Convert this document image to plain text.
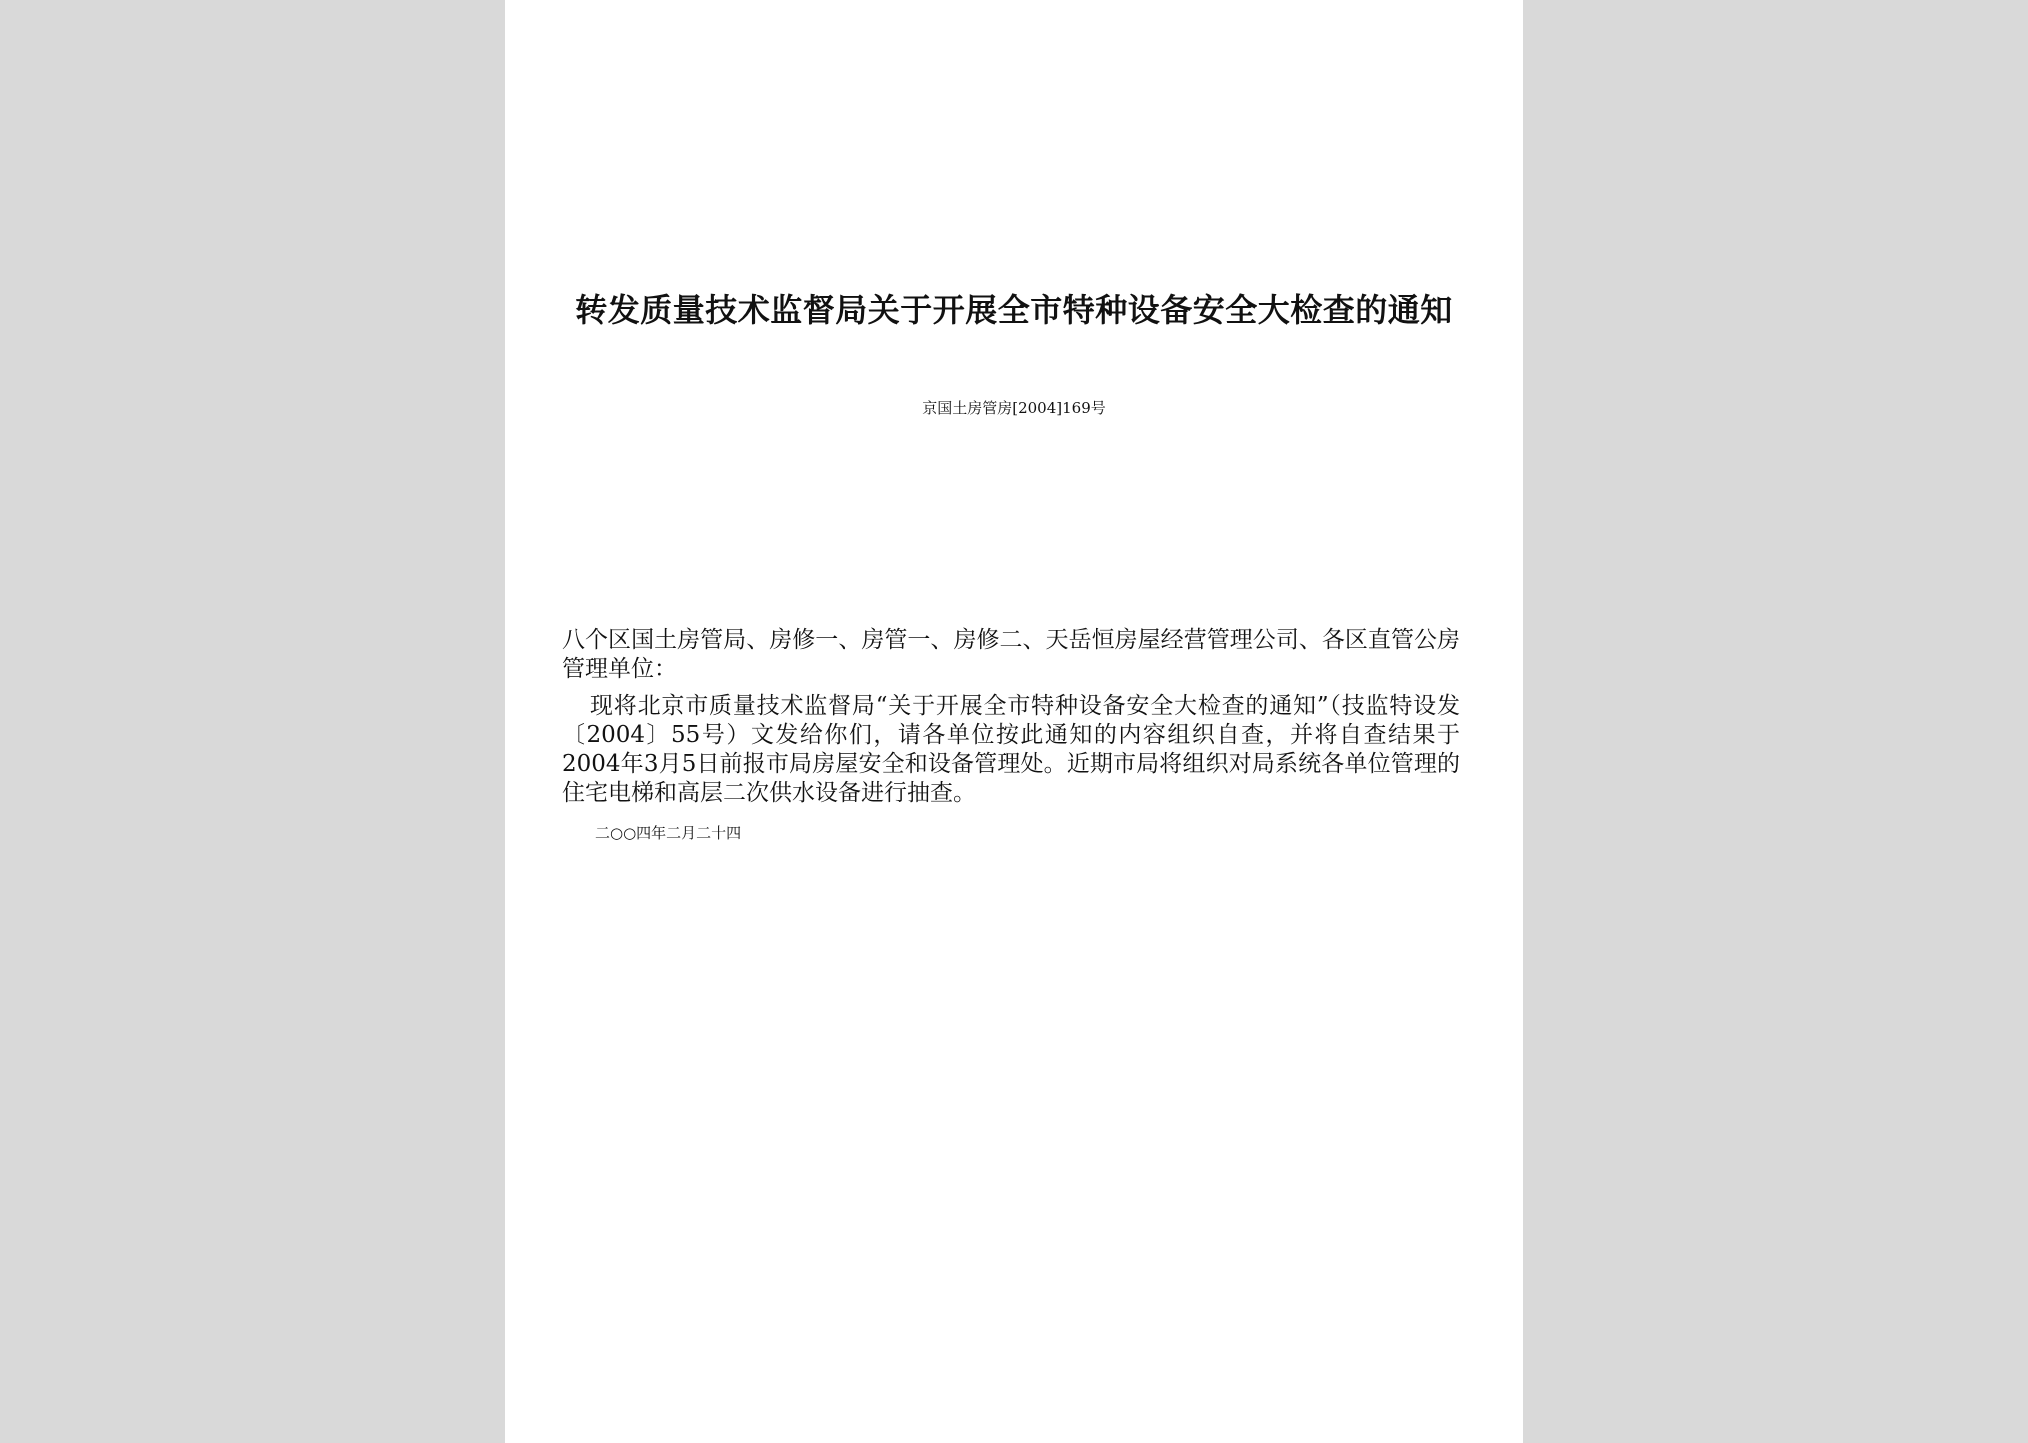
转发质量技术监督局关于开展全市特种设备安全大检查的通知
京国土房管房[2004]169号

八个区国土房管局、房修一、房管一、房修二、天岳恒房屋经营管理公司、各区直管公房管理单位：

现将北京市质量技术监督局“关于开展全市特种设备安全大检查的通知”（技监特设发〔2004〕55号）文发给你们，请各单位按此通知的内容组织自查，并将自查结果于2004年3月5日前报市局房屋安全和设备管理处。近期市局将组织对局系统各单位管理的住宅电梯和高层二次供水设备进行抽查。

二○○四年二月二十四
